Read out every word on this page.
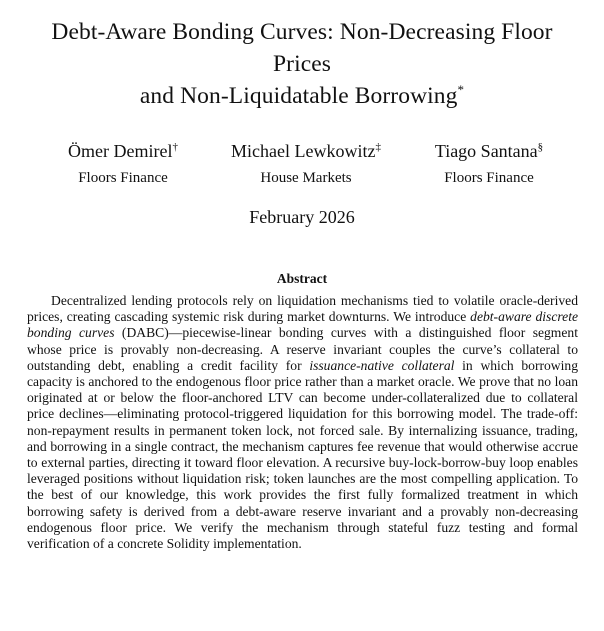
Debt-Aware Bonding Curves: Non-Decreasing Floor
Prices
and Non-Liquidatable Borrowing*
Ömer Demirel†
Floors Finance
Michael Lewkowitz‡
House Markets
Tiago Santana§
Floors Finance
February 2026
Abstract
Decentralized lending protocols rely on liquidation mechanisms tied to volatile oracle-derived prices, creating cascading systemic risk during market downturns. We introduce debt-aware discrete bonding curves (DABC)—piecewise-linear bonding curves with a distinguished floor segment whose price is provably non-decreasing. A reserve invariant couples the curve’s collateral to outstanding debt, enabling a credit facility for issuance-native collateral in which borrowing capacity is anchored to the endogenous floor price rather than a market oracle. We prove that no loan originated at or below the floor-anchored LTV can become under-collateralized due to collateral price declines—eliminating protocol-triggered liquidation for this borrowing model. The trade-off: non-repayment results in permanent token lock, not forced sale. By internalizing issuance, trading, and borrowing in a single contract, the mechanism captures fee revenue that would otherwise accrue to external parties, directing it toward floor elevation. A recursive buy-lock-borrow-buy loop enables leveraged positions without liquidation risk; token launches are the most compelling application. To the best of our knowledge, this work provides the first fully formalized treatment in which borrowing safety is derived from a debt-aware reserve invariant and a provably non-decreasing endogenous floor price. We verify the mechanism through stateful fuzz testing and formal verification of a concrete Solidity implementation.
